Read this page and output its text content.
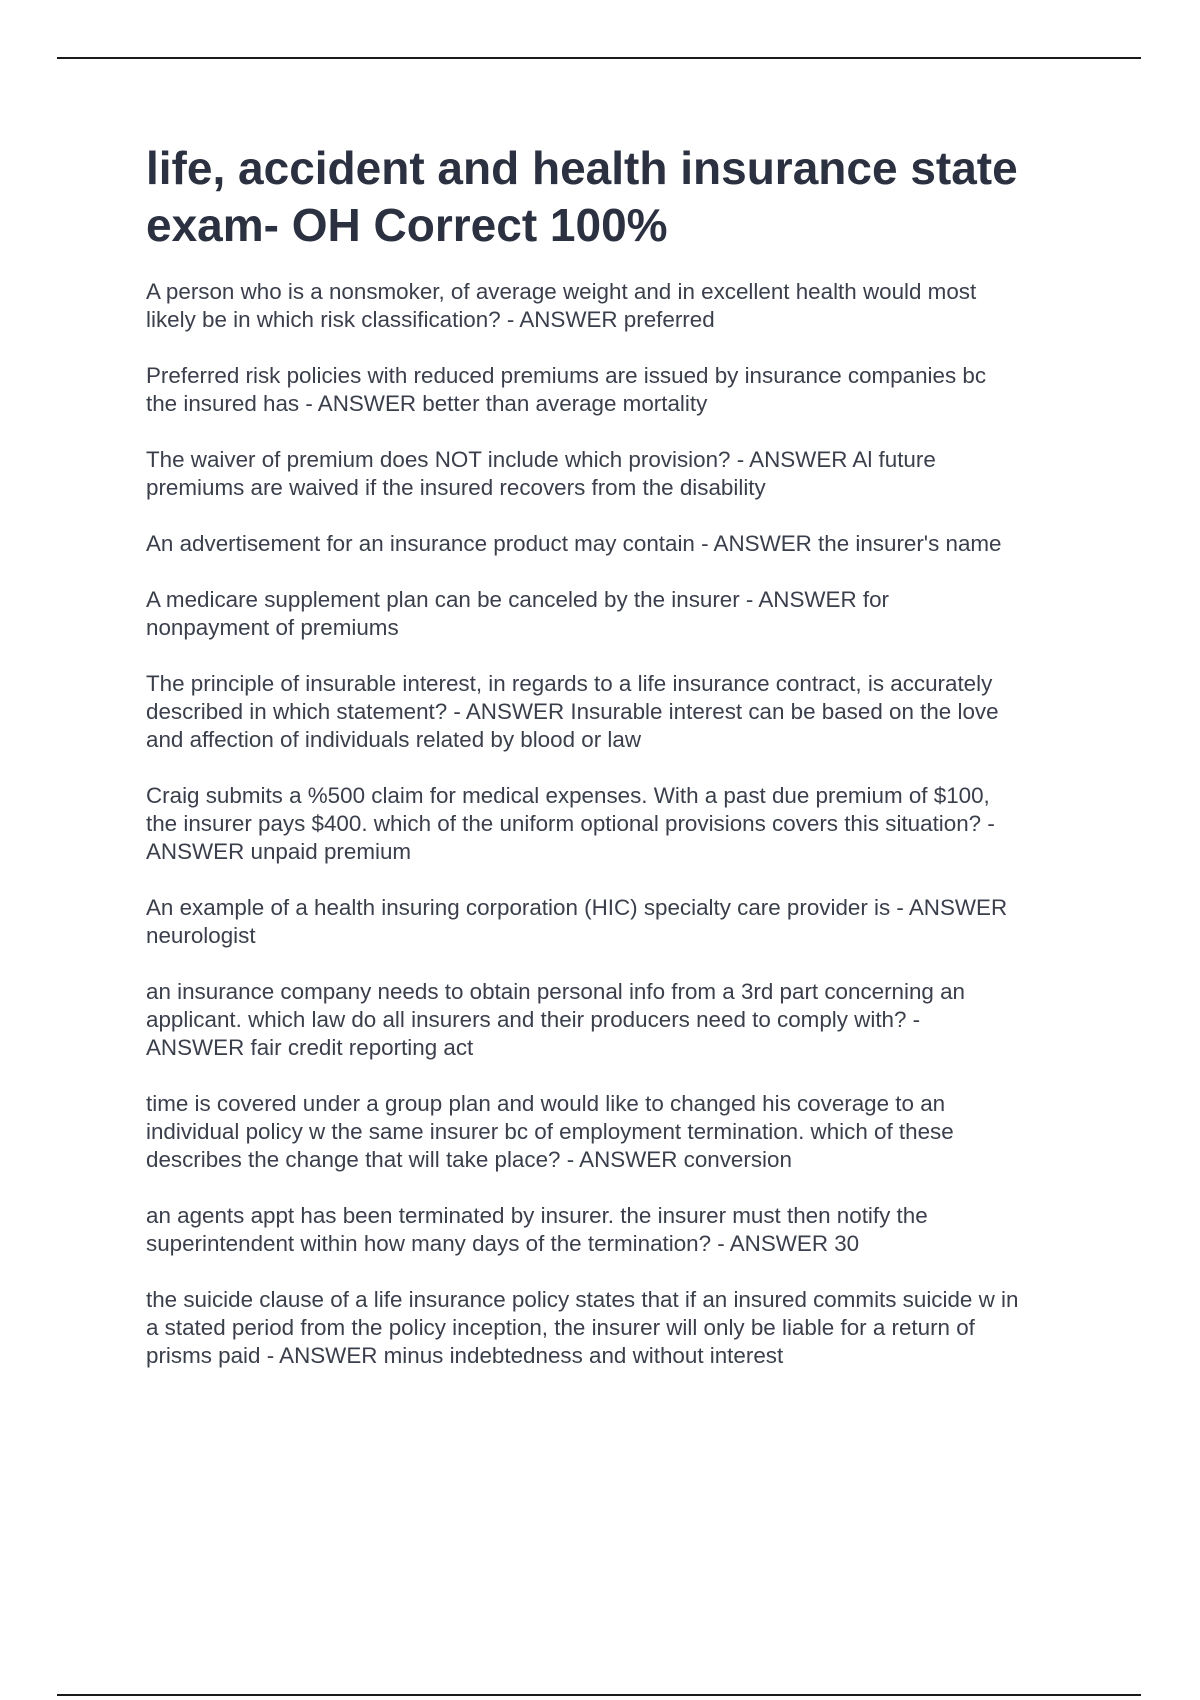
life, accident and health insurance state
exam- OH Correct 100%

A person who is a nonsmoker, of average weight and in excellent health would most
likely be in which risk classification? - ANSWER preferred

Preferred risk policies with reduced premiums are issued by insurance companies bc
the insured has - ANSWER better than average mortality

The waiver of premium does NOT include which provision? - ANSWER Al future
premiums are waived if the insured recovers from the disability

An advertisement for an insurance product may contain - ANSWER the insurer's name

A medicare supplement plan can be canceled by the insurer - ANSWER for
nonpayment of premiums

The principle of insurable interest, in regards to a life insurance contract, is accurately
described in which statement? - ANSWER Insurable interest can be based on the love
and affection of individuals related by blood or law

Craig submits a %500 claim for medical expenses. With a past due premium of $100,
the insurer pays $400. which of the uniform optional provisions covers this situation? -
ANSWER unpaid premium

An example of a health insuring corporation (HIC) specialty care provider is - ANSWER
neurologist

an insurance company needs to obtain personal info from a 3rd part concerning an
applicant. which law do all insurers and their producers need to comply with? -
ANSWER fair credit reporting act

time is covered under a group plan and would like to changed his coverage to an
individual policy w the same insurer bc of employment termination. which of these
describes the change that will take place? - ANSWER conversion

an agents appt has been terminated by insurer. the insurer must then notify the
superintendent within how many days of the termination? - ANSWER 30

the suicide clause of a life insurance policy states that if an insured commits suicide w in
a stated period from the policy inception, the insurer will only be liable for a return of
prisms paid - ANSWER minus indebtedness and without interest
